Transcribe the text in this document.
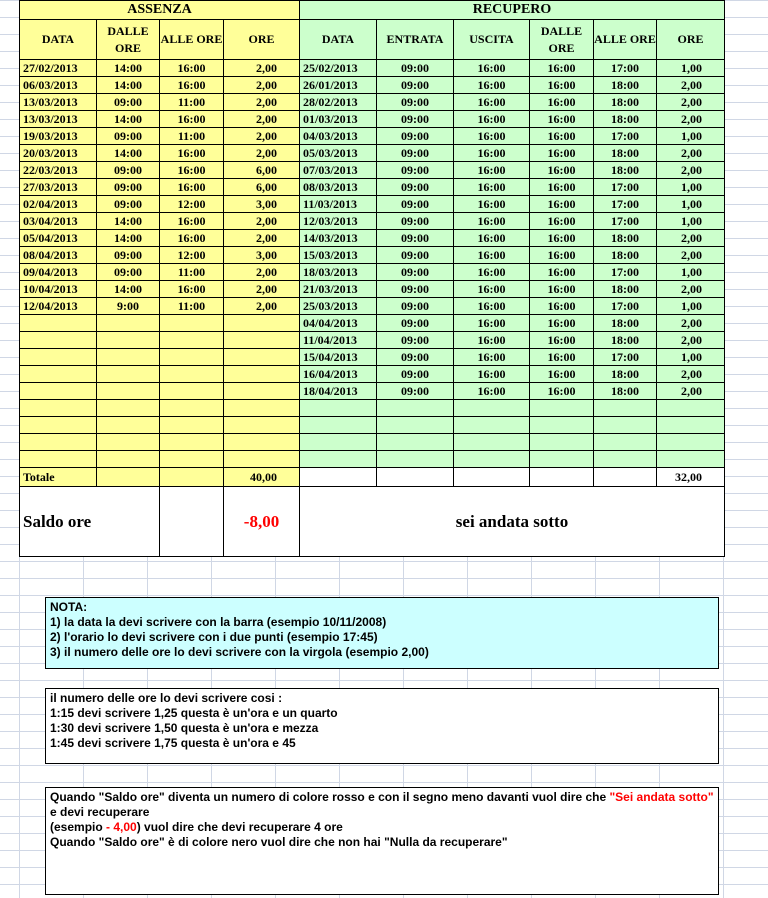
ASSENZA				RECUPERO					
DATA	DALLE ORE	ALLE ORE	ORE	DATA	ENTRATA	USCITA	DALLE ORE	ALLE ORE	ORE
27/02/2013	14:00	16:00	2,00	25/02/2013	09:00	16:00	16:00	17:00	1,00
06/03/2013	14:00	16:00	2,00	26/01/2013	09:00	16:00	16:00	18:00	2,00
13/03/2013	09:00	11:00	2,00	28/02/2013	09:00	16:00	16:00	18:00	2,00
13/03/2013	14:00	16:00	2,00	01/03/2013	09:00	16:00	16:00	18:00	2,00
19/03/2013	09:00	11:00	2,00	04/03/2013	09:00	16:00	16:00	17:00	1,00
20/03/2013	14:00	16:00	2,00	05/03/2013	09:00	16:00	16:00	18:00	2,00
22/03/2013	09:00	16:00	6,00	07/03/2013	09:00	16:00	16:00	18:00	2,00
27/03/2013	09:00	16:00	6,00	08/03/2013	09:00	16:00	16:00	17:00	1,00
02/04/2013	09:00	12:00	3,00	11/03/2013	09:00	16:00	16:00	17:00	1,00
03/04/2013	14:00	16:00	2,00	12/03/2013	09:00	16:00	16:00	17:00	1,00
05/04/2013	14:00	16:00	2,00	14/03/2013	09:00	16:00	16:00	18:00	2,00
08/04/2013	09:00	12:00	3,00	15/03/2013	09:00	16:00	16:00	18:00	2,00
09/04/2013	09:00	11:00	2,00	18/03/2013	09:00	16:00	16:00	17:00	1,00
10/04/2013	14:00	16:00	2,00	21/03/2013	09:00	16:00	16:00	18:00	2,00
12/04/2013	9:00	11:00	2,00	25/03/2013	09:00	16:00	16:00	17:00	1,00
				04/04/2013	09:00	16:00	16:00	18:00	2,00
				11/04/2013	09:00	16:00	16:00	18:00	2,00
				15/04/2013	09:00	16:00	16:00	17:00	1,00
				16/04/2013	09:00	16:00	16:00	18:00	2,00
				18/04/2013	09:00	16:00	16:00	18:00	2,00

Totale			40,00						32,00
Saldo ore			-8,00	sei andata sotto					
NOTA:
1) la data la devi scrivere con la barra (esempio 10/11/2008)
2) l'orario lo devi scrivere con i due punti (esempio 17:45)
3) il numero delle ore lo devi scrivere con la virgola (esempio 2,00)
il numero delle ore lo devi scrivere cosi :
1:15 devi scrivere 1,25 questa è un'ora e un quarto
1:30 devi scrivere 1,50 questa è un'ora e mezza
1:45 devi scrivere 1,75 questa è un'ora e 45
Quando "Saldo ore" diventa un numero di colore rosso e con il segno meno davanti vuol dire che "Sei andata sotto" e devi recuperare
(esempio - 4,00) vuol dire che devi recuperare 4 ore
Quando "Saldo ore" è di colore nero vuol dire che non hai "Nulla da recuperare"
